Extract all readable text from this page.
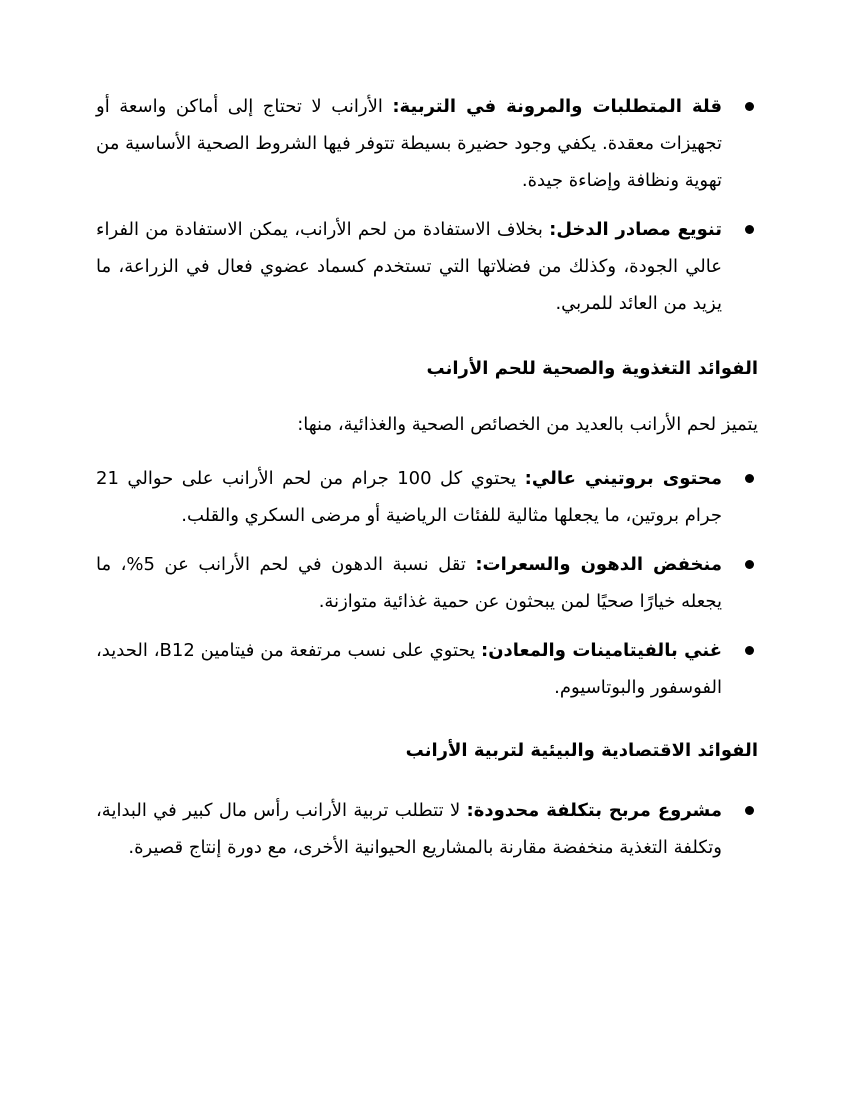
قلة المتطلبات والمرونة في التربية: الأرانب لا تحتاج إلى أماكن واسعة أو تجهيزات معقدة. يكفي وجود حضيرة بسيطة تتوفر فيها الشروط الصحية الأساسية من تهوية ونظافة وإضاءة جيدة.
تنويع مصادر الدخل: بخلاف الاستفادة من لحم الأرانب، يمكن الاستفادة من الفراء عالي الجودة، وكذلك من فضلاتها التي تستخدم كسماد عضوي فعال في الزراعة، ما يزيد من العائد للمربي.
الفوائد التغذوية والصحية للحم الأرانب

يتميز لحم الأرانب بالعديد من الخصائص الصحية والغذائية، منها:

محتوى بروتيني عالي: يحتوي كل 100 جرام من لحم الأرانب على حوالي 21 جرام بروتين، ما يجعلها مثالية للفئات الرياضية أو مرضى السكري والقلب.
منخفض الدهون والسعرات: تقل نسبة الدهون في لحم الأرانب عن 5%، ما يجعله خيارًا صحيًا لمن يبحثون عن حمية غذائية متوازنة.
غني بالفيتامينات والمعادن: يحتوي على نسب مرتفعة من فيتامين B12، الحديد، الفوسفور والبوتاسيوم.
الفوائد الاقتصادية والبيئية لتربية الأرانب
مشروع مربح بتكلفة محدودة: لا تتطلب تربية الأرانب رأس مال كبير في البداية، وتكلفة التغذية منخفضة مقارنة بالمشاريع الحيوانية الأخرى، مع دورة إنتاج قصيرة.
